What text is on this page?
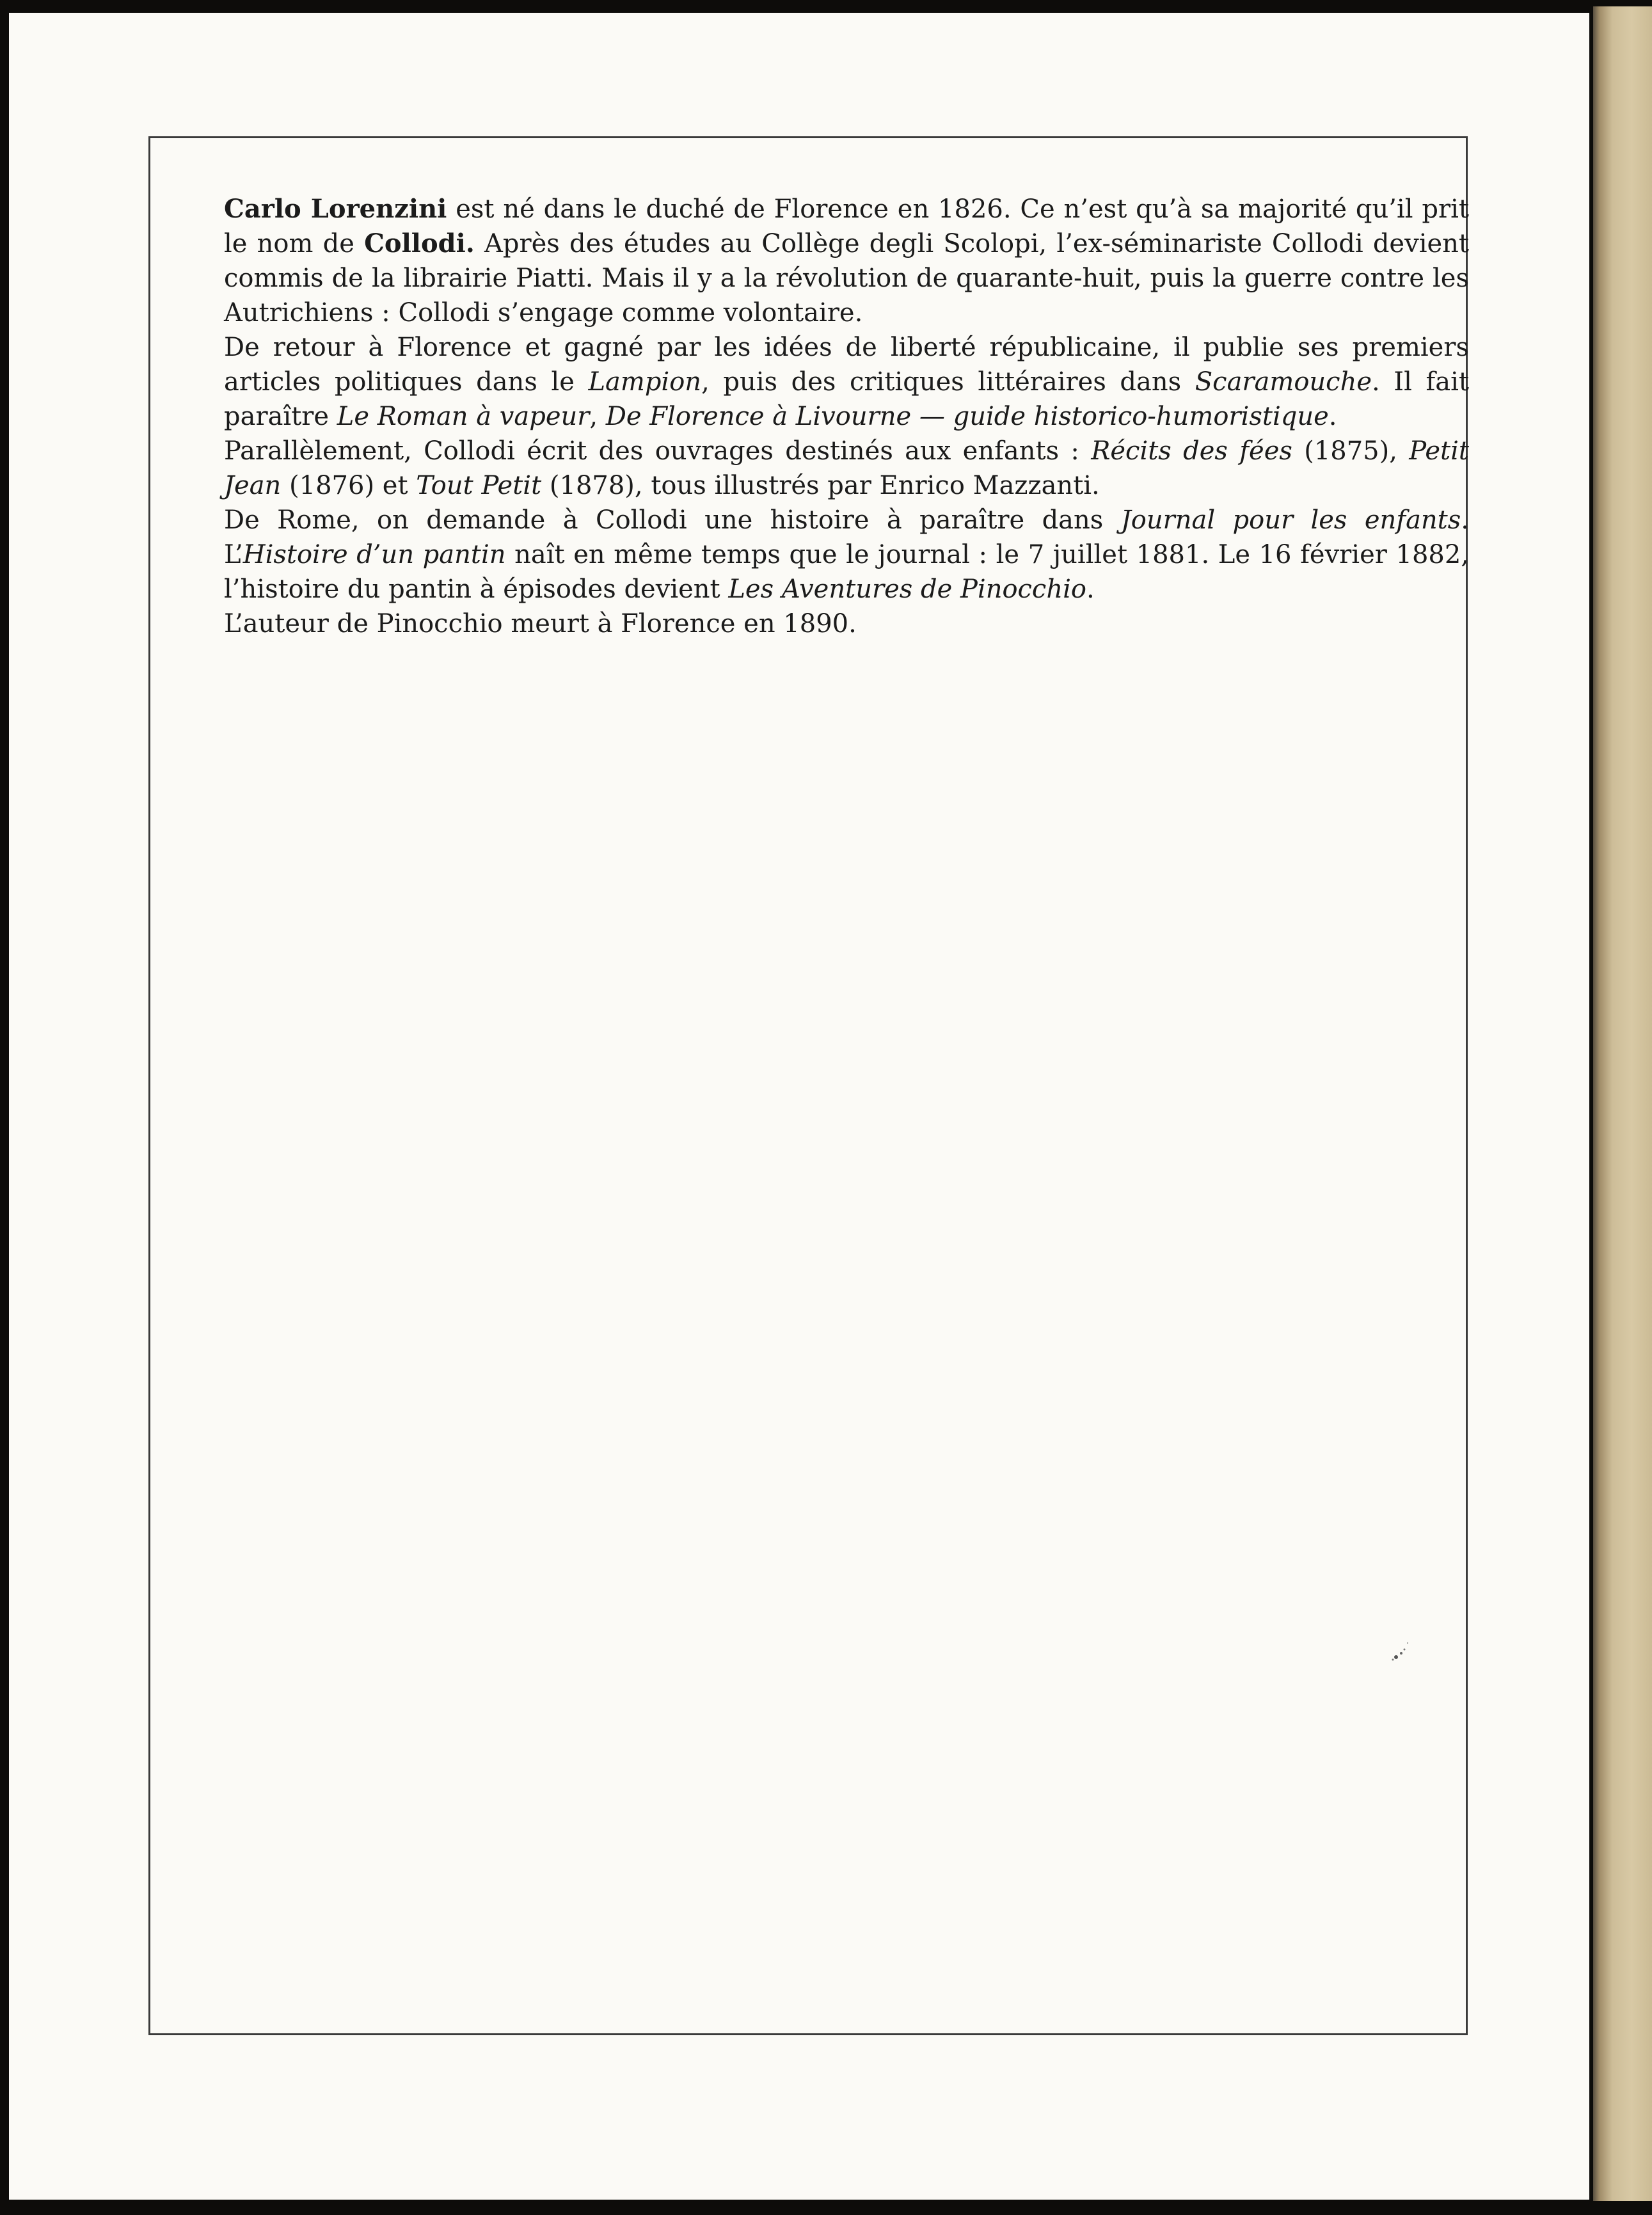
Carlo Lorenzini est né dans le duché de Florence en 1826. Ce n’est qu’à sa majorité qu’il prit le nom de Collodi. Après des études au Collège degli Scolopi, l’ex-séminariste Collodi devient commis de la librairie Piatti. Mais il y a la révolution de quarante-huit, puis la guerre contre les Autrichiens : Collodi s’engage comme volontaire.

De retour à Florence et gagné par les idées de liberté républicaine, il publie ses premiers articles politiques dans le Lampion, puis des critiques littéraires dans Scaramouche. Il fait paraître Le Roman à vapeur, De Florence à Livourne — guide historico-humoristique.

Parallèlement, Collodi écrit des ouvrages destinés aux enfants : Récits des fées (1875), Petit Jean (1876) et Tout Petit (1878), tous illustrés par Enrico Mazzanti.

De Rome, on demande à Collodi une histoire à paraître dans Journal pour les enfants. L’Histoire d’un pantin naît en même temps que le journal : le 7 juillet 1881. Le 16 février 1882, l’histoire du pantin à épisodes devient Les Aventures de Pinocchio.

L’auteur de Pinocchio meurt à Florence en 1890.
